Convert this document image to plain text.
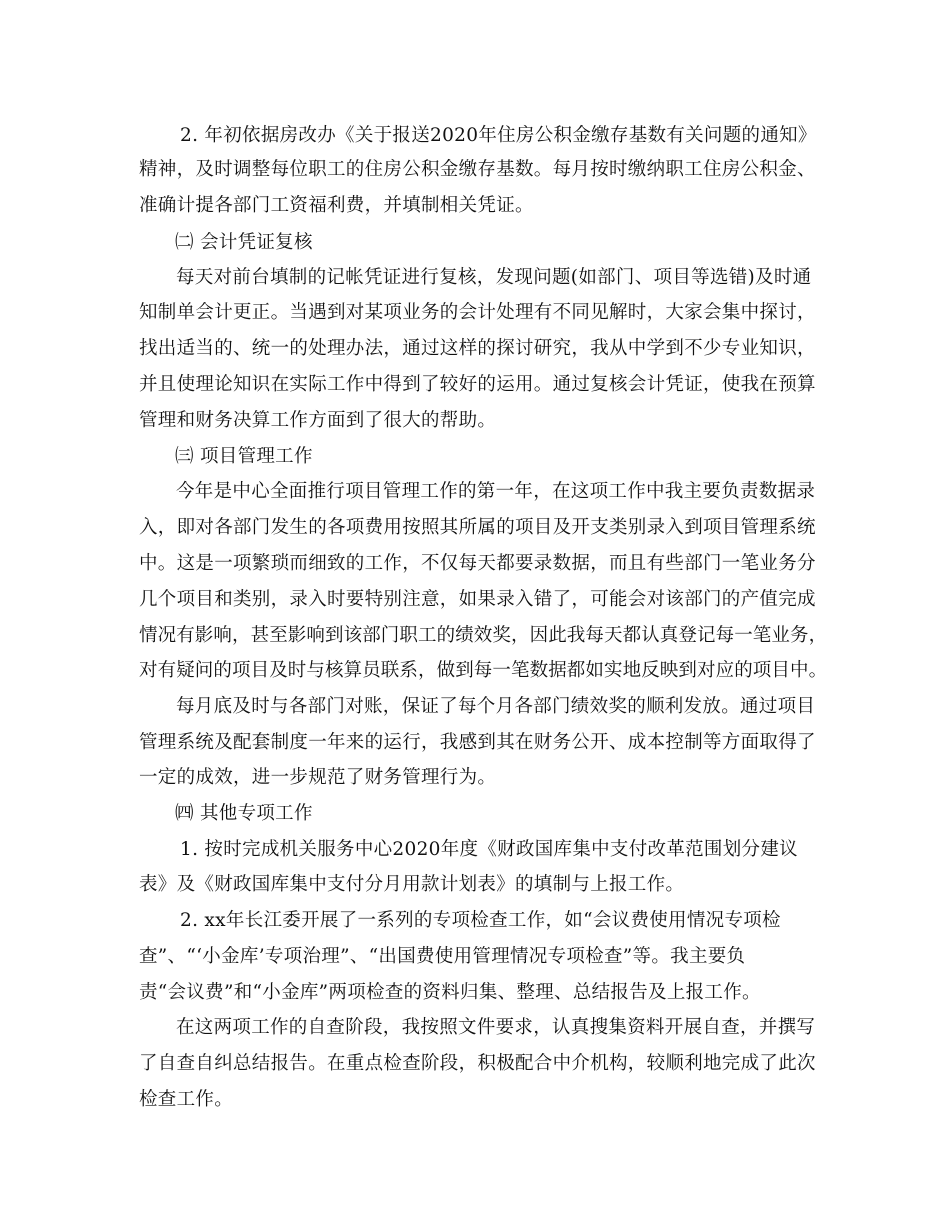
2. 年初依据房改办《关于报送2020年住房公积金缴存基数有关问题的通知》
精神，及时调整每位职工的住房公积金缴存基数。每月按时缴纳职工住房公积金、
准确计提各部门工资福利费，并填制相关凭证。
㈡ 会计凭证复核
每天对前台填制的记帐凭证进行复核，发现问题(如部门、项目等选错)及时通
知制单会计更正。当遇到对某项业务的会计处理有不同见解时，大家会集中探讨，
找出适当的、统一的处理办法，通过这样的探讨研究，我从中学到不少专业知识，
并且使理论知识在实际工作中得到了较好的运用。通过复核会计凭证，使我在预算
管理和财务决算工作方面到了很大的帮助。
㈢ 项目管理工作
今年是中心全面推行项目管理工作的第一年，在这项工作中我主要负责数据录
入，即对各部门发生的各项费用按照其所属的项目及开支类别录入到项目管理系统
中。这是一项繁琐而细致的工作，不仅每天都要录数据，而且有些部门一笔业务分
几个项目和类别，录入时要特别注意，如果录入错了，可能会对该部门的产值完成
情况有影响，甚至影响到该部门职工的绩效奖，因此我每天都认真登记每一笔业务，
对有疑问的项目及时与核算员联系，做到每一笔数据都如实地反映到对应的项目中。
每月底及时与各部门对账，保证了每个月各部门绩效奖的顺利发放。通过项目
管理系统及配套制度一年来的运行，我感到其在财务公开、成本控制等方面取得了
一定的成效，进一步规范了财务管理行为。
㈣ 其他专项工作
1. 按时完成机关服务中心2020年度《财政国库集中支付改革范围划分建议
表》及《财政国库集中支付分月用款计划表》的填制与上报工作。
2. xx年长江委开展了一系列的专项检查工作，如“会议费使用情况专项检
查”、“‘小金库’专项治理”、“出国费使用管理情况专项检查”等。我主要负
责“会议费”和“小金库”两项检查的资料归集、整理、总结报告及上报工作。
在这两项工作的自查阶段，我按照文件要求，认真搜集资料开展自查，并撰写
了自查自纠总结报告。在重点检查阶段，积极配合中介机构，较顺利地完成了此次
检查工作。
